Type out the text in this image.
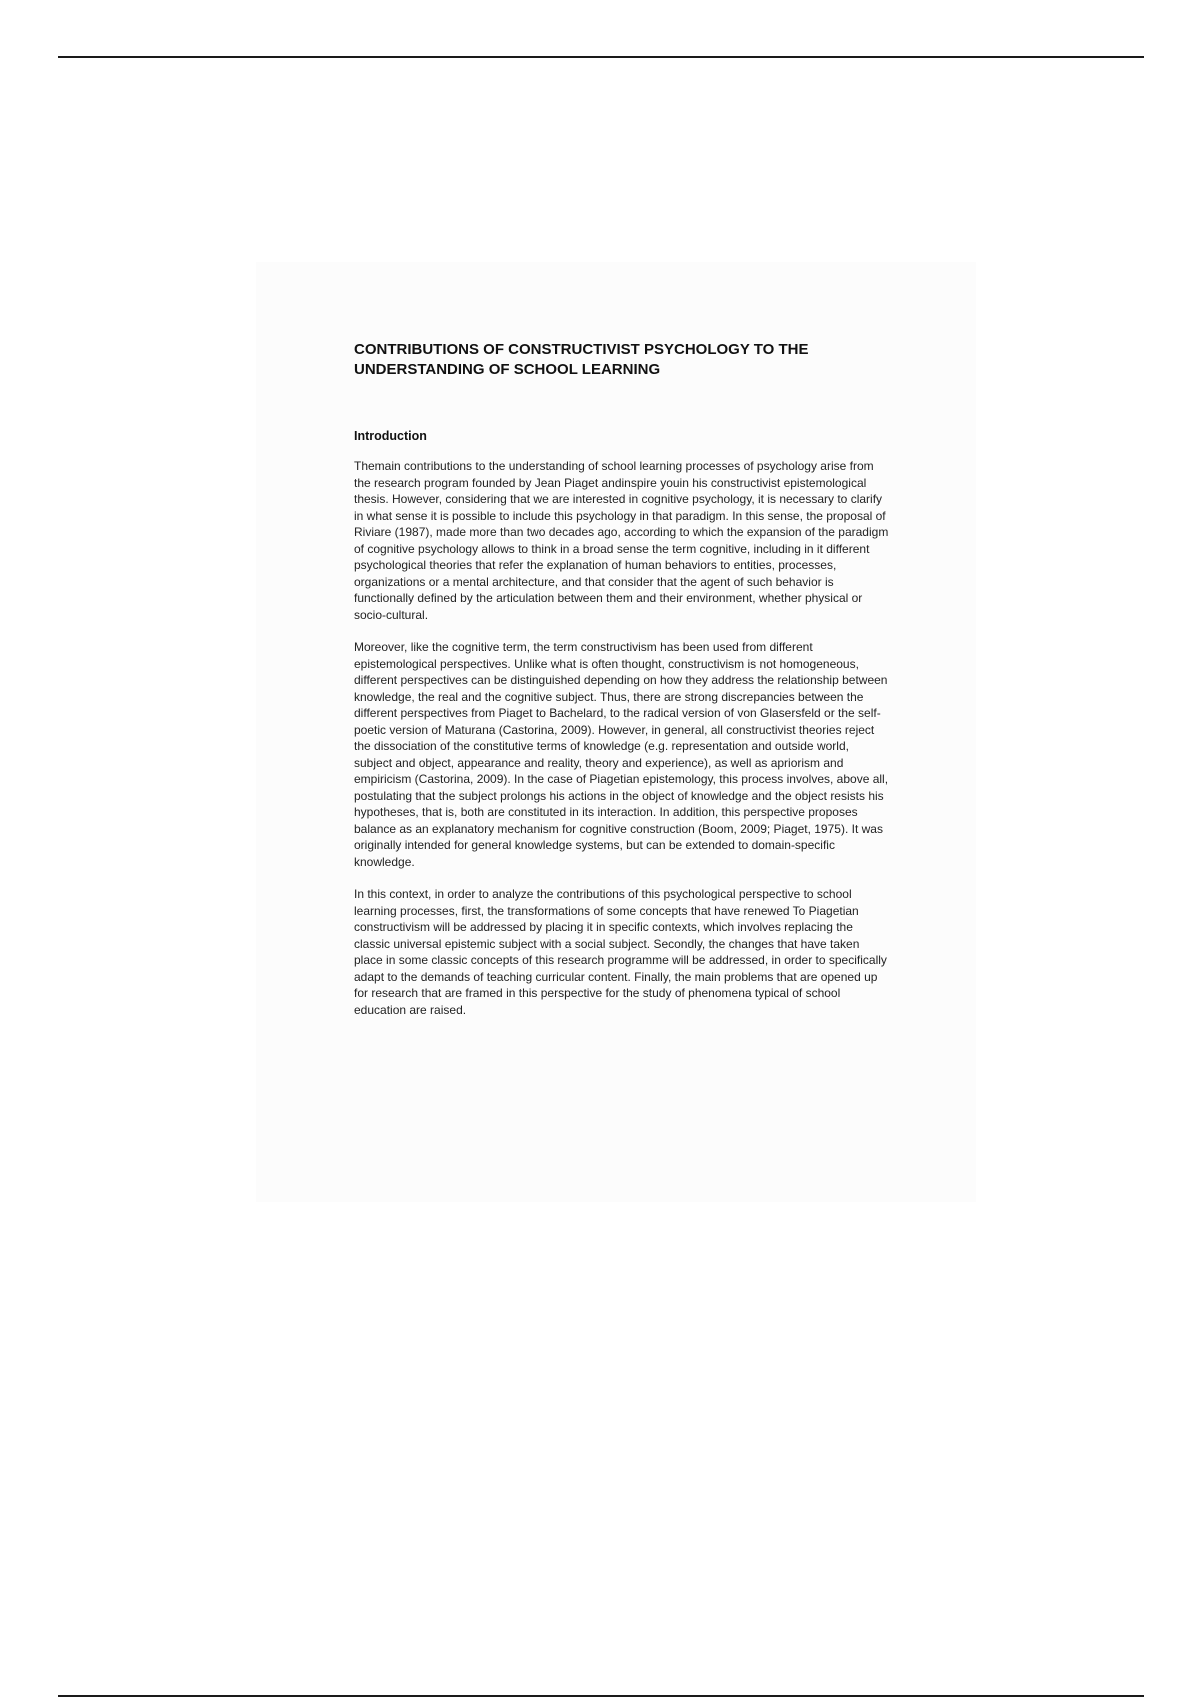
CONTRIBUTIONS OF CONSTRUCTIVIST PSYCHOLOGY TO THE UNDERSTANDING OF SCHOOL LEARNING
Introduction

Themain contributions to the understanding of school learning processes of psychology arise from the research program founded by Jean Piaget andinspire youin his constructivist epistemological thesis. However, considering that we are interested in cognitive psychology, it is necessary to clarify in what sense it is possible to include this psychology in that paradigm. In this sense, the proposal of Riviare (1987), made more than two decades ago, according to which the expansion of the paradigm of cognitive psychology allows to think in a broad sense the term cognitive, including in it different psychological theories that refer the explanation of human behaviors to entities, processes, organizations or a mental architecture, and that consider that the agent of such behavior is functionally defined by the articulation between them and their environment, whether physical or socio-cultural.

Moreover, like the cognitive term, the term constructivism has been used from different epistemological perspectives. Unlike what is often thought, constructivism is not homogeneous, different perspectives can be distinguished depending on how they address the relationship between knowledge, the real and the cognitive subject. Thus, there are strong discrepancies between the different perspectives from Piaget to Bachelard, to the radical version of von Glasersfeld or the self-poetic version of Maturana (Castorina, 2009). However, in general, all constructivist theories reject the dissociation of the constitutive terms of knowledge (e.g. representation and outside world, subject and object, appearance and reality, theory and experience), as well as apriorism and empiricism (Castorina, 2009). In the case of Piagetian epistemology, this process involves, above all, postulating that the subject prolongs his actions in the object of knowledge and the object resists his hypotheses, that is, both are constituted in its interaction. In addition, this perspective proposes balance as an explanatory mechanism for cognitive construction (Boom, 2009; Piaget, 1975). It was originally intended for general knowledge systems, but can be extended to domain-specific knowledge.

In this context, in order to analyze the contributions of this psychological perspective to school learning processes, first, the transformations of some concepts that have renewed To Piagetian constructivism will be addressed by placing it in specific contexts, which involves replacing the classic universal epistemic subject with a social subject. Secondly, the changes that have taken place in some classic concepts of this research programme will be addressed, in order to specifically adapt to the demands of teaching curricular content. Finally, the main problems that are opened up for research that are framed in this perspective for the study of phenomena typical of school education are raised.
